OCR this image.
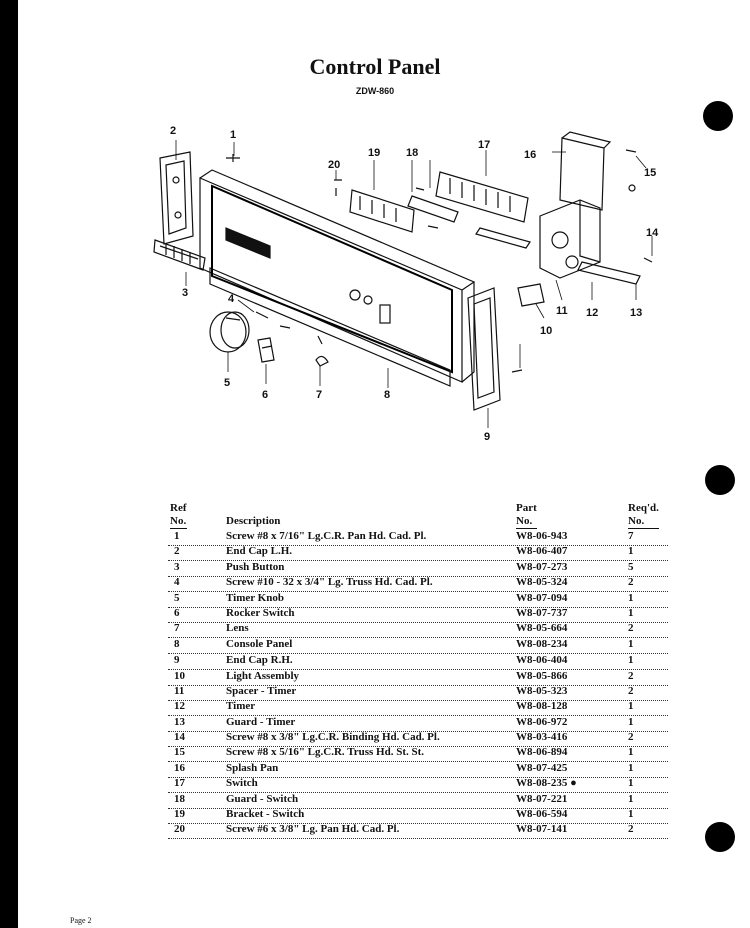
Control Panel
ZDW-860
1
2
3	4
5
6	7	8
9
10
11 12	13
14
15
16
17
18
19
20
Ref
No.	Description
Part
No.
Req'd.
No.
1	Screw #8 x 7/16" Lg.C.R. Pan Hd. Cad. Pl.	W8-06-943	7
2	End Cap L.H.	W8-06-407	1
3	Push Button	W8-07-273	5
4	Screw #10 - 32 x 3/4" Lg. Truss Hd. Cad. Pl.	W8-05-324	2
5	Timer Knob	W8-07-094	1
6	Rocker Switch	W8-07-737	1
7	Lens	W8-05-664	2
8	Console Panel	W8-08-234	1
9	End Cap R.H.	W8-06-404	1
10	Light Assembly	W8-05-866	2
11	Spacer - Timer	W8-05-323	2
12	Timer	W8-08-128	1
13	Guard - Timer	W8-06-972	1
14	Screw #8 x 3/8" Lg.C.R. Binding Hd. Cad. Pl.	W8-03-416	2
15	Screw #8 x 5/16" Lg.C.R. Truss Hd. St. St.	W8-06-894	1
16	Splash Pan	W8-07-425	1
17	Switch	W8-08-235 ●	1
18	Guard - Switch	W8-07-221	1
19	Bracket - Switch	W8-06-594	1
20	Screw #6 x 3/8" Lg. Pan Hd. Cad. Pl.	W8-07-141	2
Page 2
